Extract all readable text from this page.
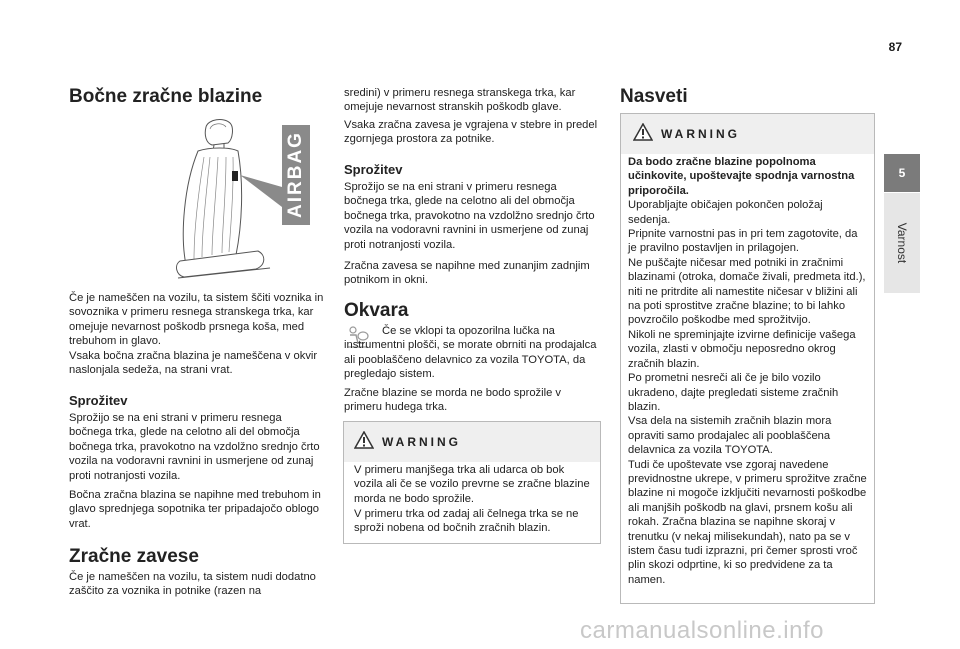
87
5
Varnost
Bočne zračne blazine
AIRBAG

Če je nameščen na vozilu, ta sistem ščiti voznika in sovoznika v primeru resnega stranskega trka, kar omejuje nevarnost poškodb prsnega koša, med trebuhom in glavo.

Vsaka bočna zračna blazina je nameščena v okvir naslonjala sedeža, na strani vrat.

Sprožitev

Sprožijo se na eni strani v primeru resnega bočnega trka, glede na celotno ali del območja bočnega trka, pravokotno na vzdolžno srednjo črto vozila na vodoravni ravnini in usmerjene od zunaj proti notranjosti vozila.

Bočna zračna blazina se napihne med trebuhom in glavo sprednjega sopotnika ter pripadajočo oblogo vrat.

Zračne zavese

Če je nameščen na vozilu, ta sistem nudi dodatno zaščito za voznika in potnike (razen na

sredini) v primeru resnega stranskega trka, kar omejuje nevarnost stranskih poškodb glave.

Vsaka zračna zavesa je vgrajena v stebre in predel zgornjega prostora za potnike.

Sprožitev

Sprožijo se na eni strani v primeru resnega bočnega trka, glede na celotno ali del območja bočnega trka, pravokotno na vzdolžno srednjo črto vozila na vodoravni ravnini in usmerjene od zunaj proti notranjosti vozila.

Zračna zavesa se napihne med zunanjim zadnjim potnikom in okni.

Okvara

Če se vklopi ta opozorilna lučka na instrumentni plošči, se morate obrniti na prodajalca ali pooblaščeno delavnico za vozila TOYOTA, da pregledajo sistem.

Zračne blazine se morda ne bodo sprožile v primeru hudega trka.

WARNING

V primeru manjšega trka ali udarca ob bok vozila ali če se vozilo prevrne se zračne blazine morda ne bodo sprožile.

V primeru trka od zadaj ali čelnega trka se ne sproži nobena od bočnih zračnih blazin.

Nasveti
WARNING

Da bodo zračne blazine popolnoma učinkovite, upoštevajte spodnja varnostna priporočila.

Uporabljajte običajen pokončen položaj sedenja.

Pripnite varnostni pas in pri tem zagotovite, da je pravilno postavljen in prilagojen.

Ne puščajte ničesar med potniki in zračnimi blazinami (otroka, domače živali, predmeta itd.), niti ne pritrdite ali namestite ničesar v bližini ali na poti sprostitve zračne blazine; to bi lahko povzročilo poškodbe med sprožitvijo.

Nikoli ne spreminjajte izvirne definicije vašega vozila, zlasti v območju neposredno okrog zračnih blazin.

Po prometni nesreči ali če je bilo vozilo ukradeno, dajte pregledati sisteme zračnih blazin.

Vsa dela na sistemih zračnih blazin mora opraviti samo prodajalec ali pooblaščena delavnica za vozila TOYOTA.

Tudi če upoštevate vse zgoraj navedene previdnostne ukrepe, v primeru sprožitve zračne blazine ni mogoče izključiti nevarnosti poškodbe ali manjših poškodb na glavi, prsnem košu ali rokah. Zračna blazina se napihne skoraj v trenutku (v nekaj milisekundah), nato pa se v istem času tudi izprazni, pri čemer sprosti vroč plin skozi odprtine, ki so predvidene za ta namen.

carmanualsonline.info
